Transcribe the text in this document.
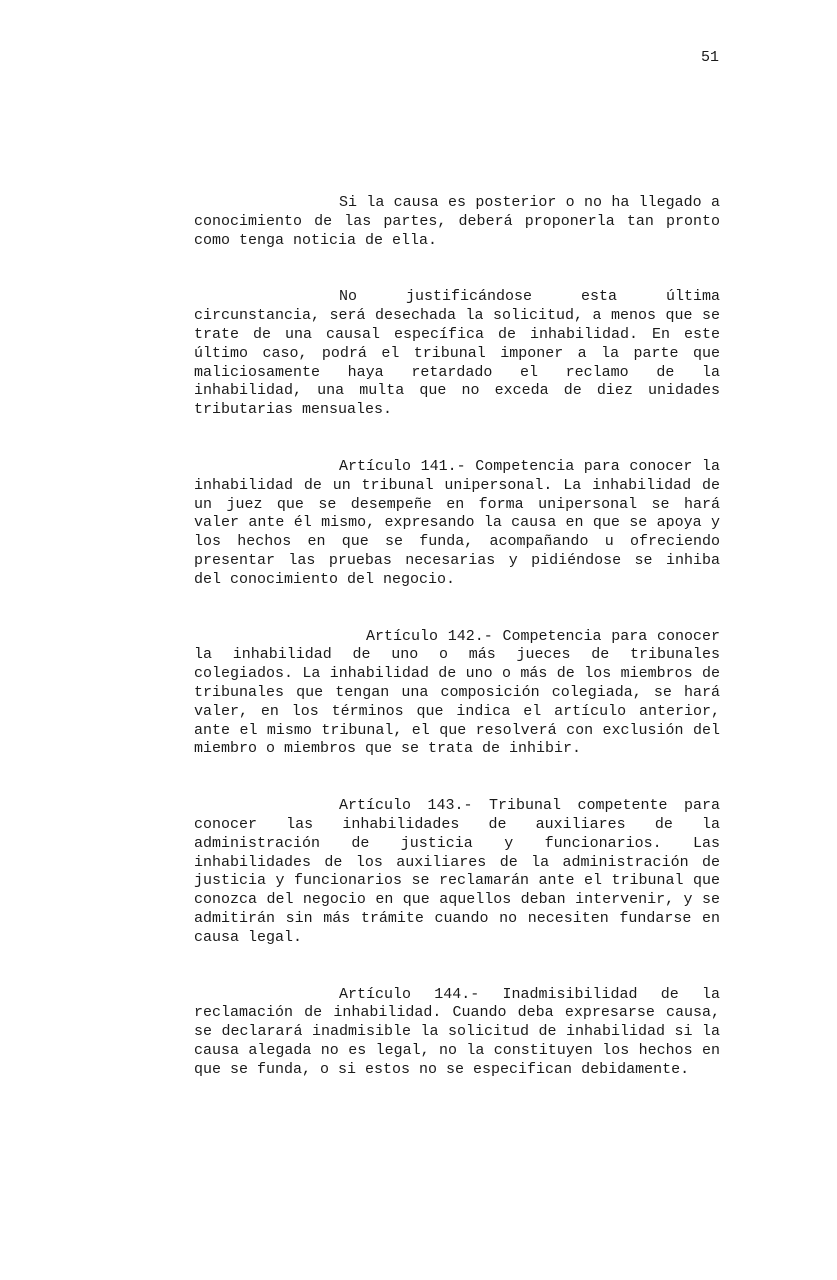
51

Si la causa es posterior o no ha llegado a conocimiento de las partes, deberá proponerla tan pronto como tenga noticia de ella.

No justificándose esta última circunstancia, será desechada la solicitud, a menos que se trate de una causal específica de inhabilidad. En este último caso, podrá el tribunal imponer a la parte que maliciosamente haya retardado el reclamo de la inhabilidad, una multa que no exceda de diez unidades tributarias mensuales.

Artículo 141.- Competencia para conocer la inhabilidad de un tribunal unipersonal. La inhabilidad de un juez que se desempeñe en forma unipersonal se hará valer ante él mismo, expresando la causa en que se apoya y los hechos en que se funda, acompañando u ofreciendo presentar las pruebas necesarias y pidiéndose se inhiba del conocimiento del negocio.

Artículo 142.- Competencia para conocer la inhabilidad de uno o más jueces de tribunales colegiados. La inhabilidad de uno o más de los miembros de tribunales que tengan una composición colegiada, se hará valer, en los términos que indica el artículo anterior, ante el mismo tribunal, el que resolverá con exclusión del miembro o miembros que se trata de inhibir.

Artículo 143.- Tribunal competente para conocer las inhabilidades de auxiliares de la administración de justicia y funcionarios. Las inhabilidades de los auxiliares de la administración de justicia y funcionarios se reclamarán ante el tribunal que conozca del negocio en que aquellos deban intervenir, y se admitirán sin más trámite cuando no necesiten fundarse en causa legal.

Artículo 144.- Inadmisibilidad de la reclamación de inhabilidad. Cuando deba expresarse causa, se declarará inadmisible la solicitud de inhabilidad si la causa alegada no es legal, no la constituyen los hechos en que se funda, o si estos no se especifican debidamente.
